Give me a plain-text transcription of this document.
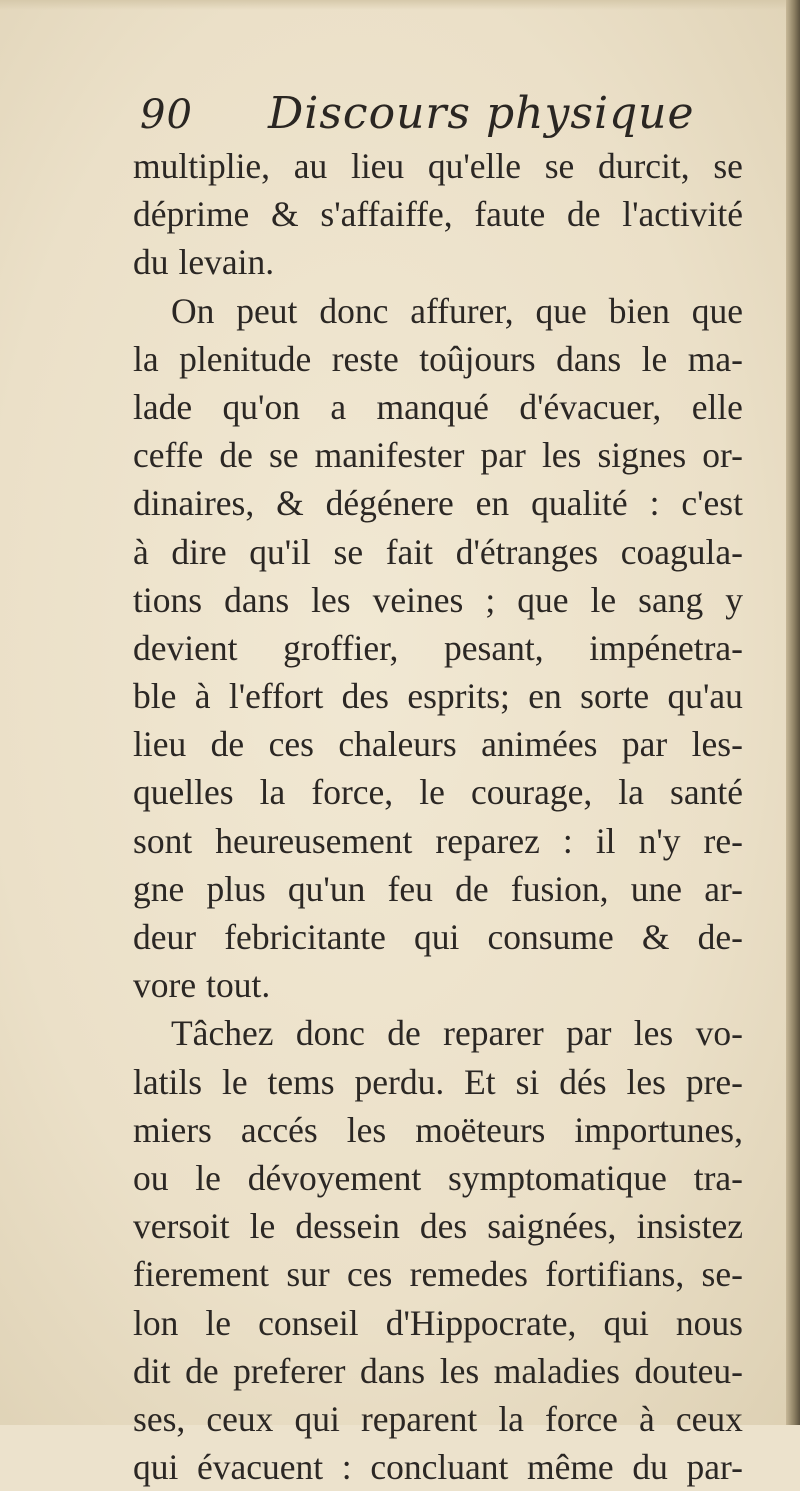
90 Discours physique
multiplie, au lieu qu'elle se durcit, se
déprime & s'affaiffe, faute de l'activité
du levain.
On peut donc affurer, que bien que
la plenitude reste toûjours dans le ma-
lade qu'on a manqué d'évacuer, elle
ceffe de se manifester par les signes or-
dinaires, & dégénere en qualité : c'est
à dire qu'il se fait d'étranges coagula-
tions dans les veines ; que le sang y
devient groffier, pesant, impénetra-
ble à l'effort des esprits; en sorte qu'au
lieu de ces chaleurs animées par les-
quelles la force, le courage, la santé
sont heureusement reparez : il n'y re-
gne plus qu'un feu de fusion, une ar-
deur febricitante qui consume & de-
vore tout.
Tâchez donc de reparer par les vo-
latils le tems perdu. Et si dés les pre-
miers accés les moëteurs importunes,
ou le dévoyement symptomatique tra-
versoit le dessein des saignées, insistez
fierement sur ces remedes fortifians, se-
lon le conseil d'Hippocrate, qui nous
dit de preferer dans les maladies douteu-
ses, ceux qui reparent la force à ceux
qui évacuent : concluant même du par-
